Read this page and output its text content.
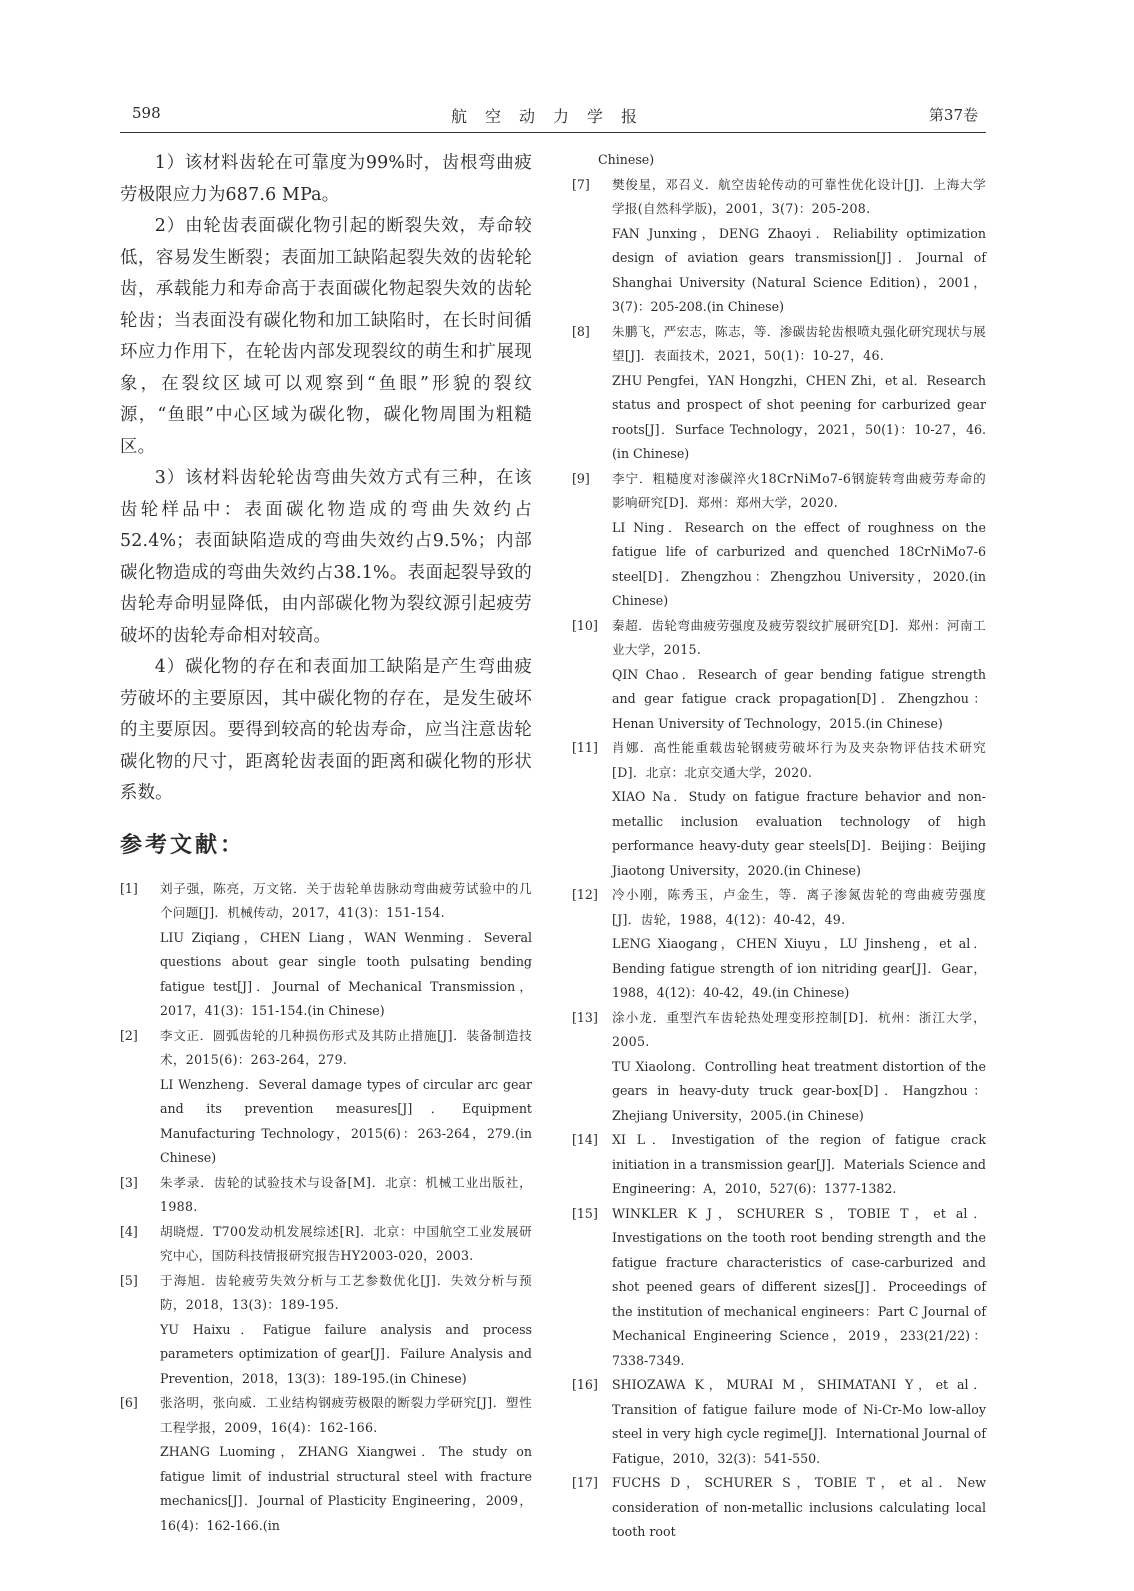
598	航空动力学报	第37卷

1）该材料齿轮在可靠度为99%时，齿根弯曲疲劳极限应力为687.6 MPa。

2）由轮齿表面碳化物引起的断裂失效，寿命较低，容易发生断裂；表面加工缺陷起裂失效的齿轮轮齿，承载能力和寿命高于表面碳化物起裂失效的齿轮轮齿；当表面没有碳化物和加工缺陷时，在长时间循环应力作用下，在轮齿内部发现裂纹的萌生和扩展现象，在裂纹区域可以观察到“鱼眼”形貌的裂纹源，“鱼眼”中心区域为碳化物，碳化物周围为粗糙区。

3）该材料齿轮轮齿弯曲失效方式有三种，在该齿轮样品中：表面碳化物造成的弯曲失效约占52.4%；表面缺陷造成的弯曲失效约占9.5%；内部碳化物造成的弯曲失效约占38.1%。表面起裂导致的齿轮寿命明显降低，由内部碳化物为裂纹源引起疲劳破坏的齿轮寿命相对较高。

4）碳化物的存在和表面加工缺陷是产生弯曲疲劳破坏的主要原因，其中碳化物的存在，是发生破坏的主要原因。要得到较高的轮齿寿命，应当注意齿轮碳化物的尺寸，距离轮齿表面的距离和碳化物的形状系数。

参考文献：
[1]	刘子强，陈亮，万文铭．关于齿轮单齿脉动弯曲疲劳试验中的几个问题[J]．机械传动，2017，41(3)：151-154.

LIU Ziqiang，CHEN Liang，WAN Wenming．Several questions about gear single tooth pulsating bending fatigue test[J]．Journal of Mechanical Transmission，2017，41(3)：151-154.(in Chinese)

[2]	李文正．圆弧齿轮的几种损伤形式及其防止措施[J]．装备制造技术，2015(6)：263-264，279.

LI Wenzheng．Several damage types of circular arc gear and its prevention measures[J]．Equipment Manufacturing Technology，2015(6)：263-264，279.(in Chinese)

[3]	朱孝录．齿轮的试验技术与设备[M]．北京：机械工业出版社，1988.

[4]	胡晓煜．T700发动机发展综述[R]．北京：中国航空工业发展研究中心，国防科技情报研究报告HY2003-020，2003.

[5]	于海旭．齿轮疲劳失效分析与工艺参数优化[J]．失效分析与预防，2018，13(3)：189-195.

YU Haixu．Fatigue failure analysis and process parameters optimization of gear[J]．Failure Analysis and Prevention，2018，13(3)：189-195.(in Chinese)

[6]	张洛明，张向威．工业结构钢疲劳极限的断裂力学研究[J]．塑性工程学报，2009，16(4)：162-166.

ZHANG Luoming，ZHANG Xiangwei．The study on fatigue limit of industrial structural steel with fracture mechanics[J]．Journal of Plasticity Engineering，2009，16(4)：162-166.(in

Chinese)

[7]	樊俊星，邓召义．航空齿轮传动的可靠性优化设计[J]．上海大学学报(自然科学版)，2001，3(7)：205-208.

FAN Junxing，DENG Zhaoyi．Reliability optimization design of aviation gears transmission[J]．Journal of Shanghai University (Natural Science Edition)，2001，3(7)：205-208.(in Chinese)

[8]	朱鹏飞，严宏志，陈志，等．渗碳齿轮齿根喷丸强化研究现状与展望[J]．表面技术，2021，50(1)：10-27，46.

ZHU Pengfei，YAN Hongzhi，CHEN Zhi，et al．Research status and prospect of shot peening for carburized gear roots[J]．Surface Technology，2021，50(1)：10-27，46.(in Chinese)

[9]	李宁．粗糙度对渗碳淬火18CrNiMo7-6钢旋转弯曲疲劳寿命的影响研究[D]．郑州：郑州大学，2020.

LI Ning．Research on the effect of roughness on the fatigue life of carburized and quenched 18CrNiMo7-6 steel[D]．Zhengzhou：Zhengzhou University，2020.(in Chinese)

[10]	秦超．齿轮弯曲疲劳强度及疲劳裂纹扩展研究[D]．郑州：河南工业大学，2015.

QIN Chao．Research of gear bending fatigue strength and gear fatigue crack propagation[D]．Zhengzhou：Henan University of Technology，2015.(in Chinese)

[11]	肖娜．高性能重载齿轮钢疲劳破坏行为及夹杂物评估技术研究[D]．北京：北京交通大学，2020.

XIAO Na．Study on fatigue fracture behavior and non-metallic inclusion evaluation technology of high performance heavy-duty gear steels[D]．Beijing：Beijing Jiaotong University，2020.(in Chinese)

[12]	冷小刚，陈秀玉，卢金生，等．离子渗氮齿轮的弯曲疲劳强度[J]．齿轮，1988，4(12)：40-42，49.

LENG Xiaogang，CHEN Xiuyu，LU Jinsheng，et al．Bending fatigue strength of ion nitriding gear[J]．Gear，1988，4(12)：40-42，49.(in Chinese)

[13]	涂小龙．重型汽车齿轮热处理变形控制[D]．杭州：浙江大学，2005.

TU Xiaolong．Controlling heat treatment distortion of the gears in heavy-duty truck gear-box[D]．Hangzhou：Zhejiang University，2005.(in Chinese)

[14]	XI L．Investigation of the region of fatigue crack initiation in a transmission gear[J]．Materials Science and Engineering：A，2010，527(6)：1377-1382.

[15]	WINKLER K J，SCHURER S，TOBIE T，et al．Investigations on the tooth root bending strength and the fatigue fracture characteristics of case-carburized and shot peened gears of different sizes[J]．Proceedings of the institution of mechanical engineers：Part C Journal of Mechanical Engineering Science，2019，233(21/22)：7338-7349.

[16]	SHIOZAWA K，MURAI M，SHIMATANI Y，et al．Transition of fatigue failure mode of Ni-Cr-Mo low-alloy steel in very high cycle regime[J]．International Journal of Fatigue，2010，32(3)：541-550.

[17]	FUCHS D，SCHURER S，TOBIE T，et al．New consideration of non-metallic inclusions calculating local tooth root
